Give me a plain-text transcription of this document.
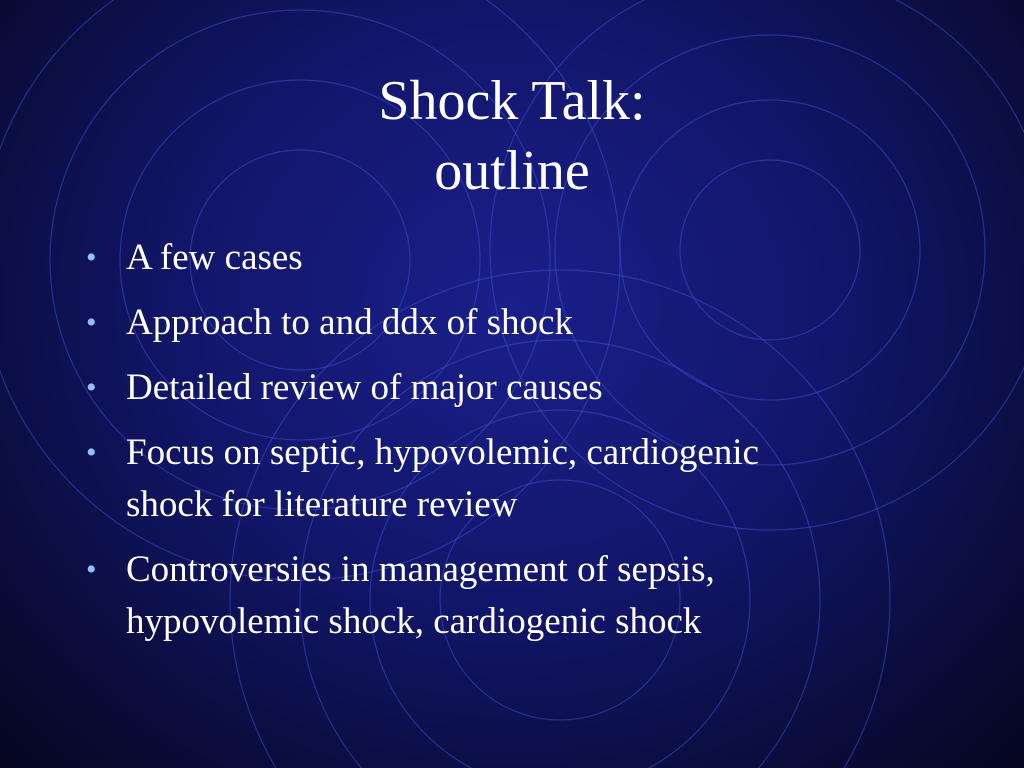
Shock Talk:
outline
• A few cases
• Approach to and ddx of shock
• Detailed review of major causes
• Focus on septic, hypovolemic, cardiogenic
shock for literature review
• Controversies in management of sepsis,
hypovolemic shock, cardiogenic shock
